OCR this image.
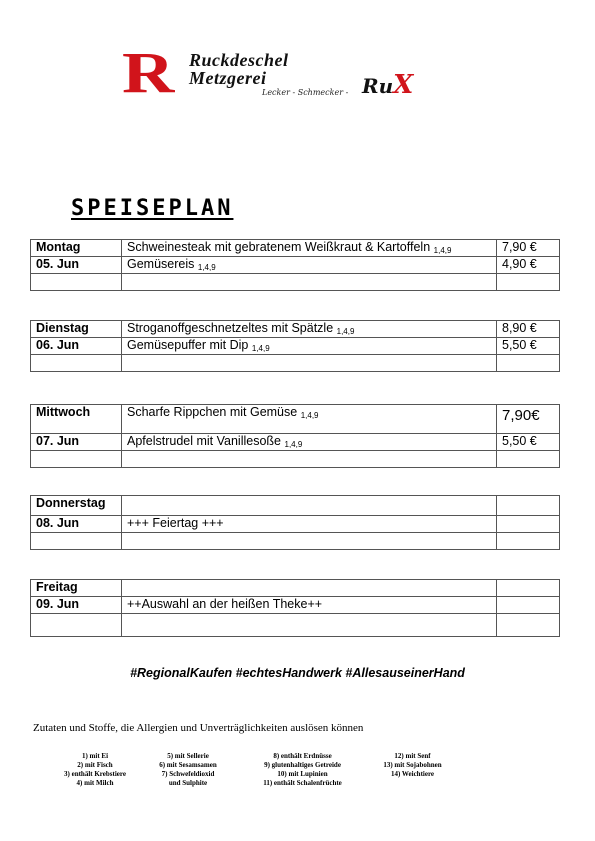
R Ruckdeschel
Metzgerei
Lecker - Schmecker - RuX
SPEISEPLAN
Montag	Schweinesteak mit gebratenem Weißkraut & Kartoffeln $_{1,4,9}$	7,90 €
05. Jun	Gemüsereis $_{1,4,9}$	4,90 €

Dienstag	Stroganoffgeschnetzeltes mit Spätzle $_{1,4,9}$	8,90 €
06. Jun	Gemüsepuffer mit Dip $_{1,4,9}$	5,50 €

Mittwoch	Scharfe Rippchen mit Gemüse $_{1,4,9}$	7,90€
07. Jun	Apfelstrudel mit Vanillesoße $_{1,4,9}$	5,50 €

Donnerstag		
08. Jun	+++ Feiertag +++	

Freitag		
09. Jun	++Auswahl an der heißen Theke++	

#RegionalKaufen #echtesHandwerk #AllesauseinerHand
Zutaten und Stoffe, die Allergien und Unverträglichkeiten auslösen können
1) mit Ei
2) mit Fisch
3) enthält Krebstiere
4) mit Milch
5) mit Sellerie
6) mit Sesamsamen
7) Schwefeldioxid
und Sulphite
8) enthält Erdnüsse
9) glutenhaltiges Getreide
10) mit Lupinien
11) enthält Schalenfrüchte
12) mit Senf
13) mit Sojabohnen
14) Weichtiere
